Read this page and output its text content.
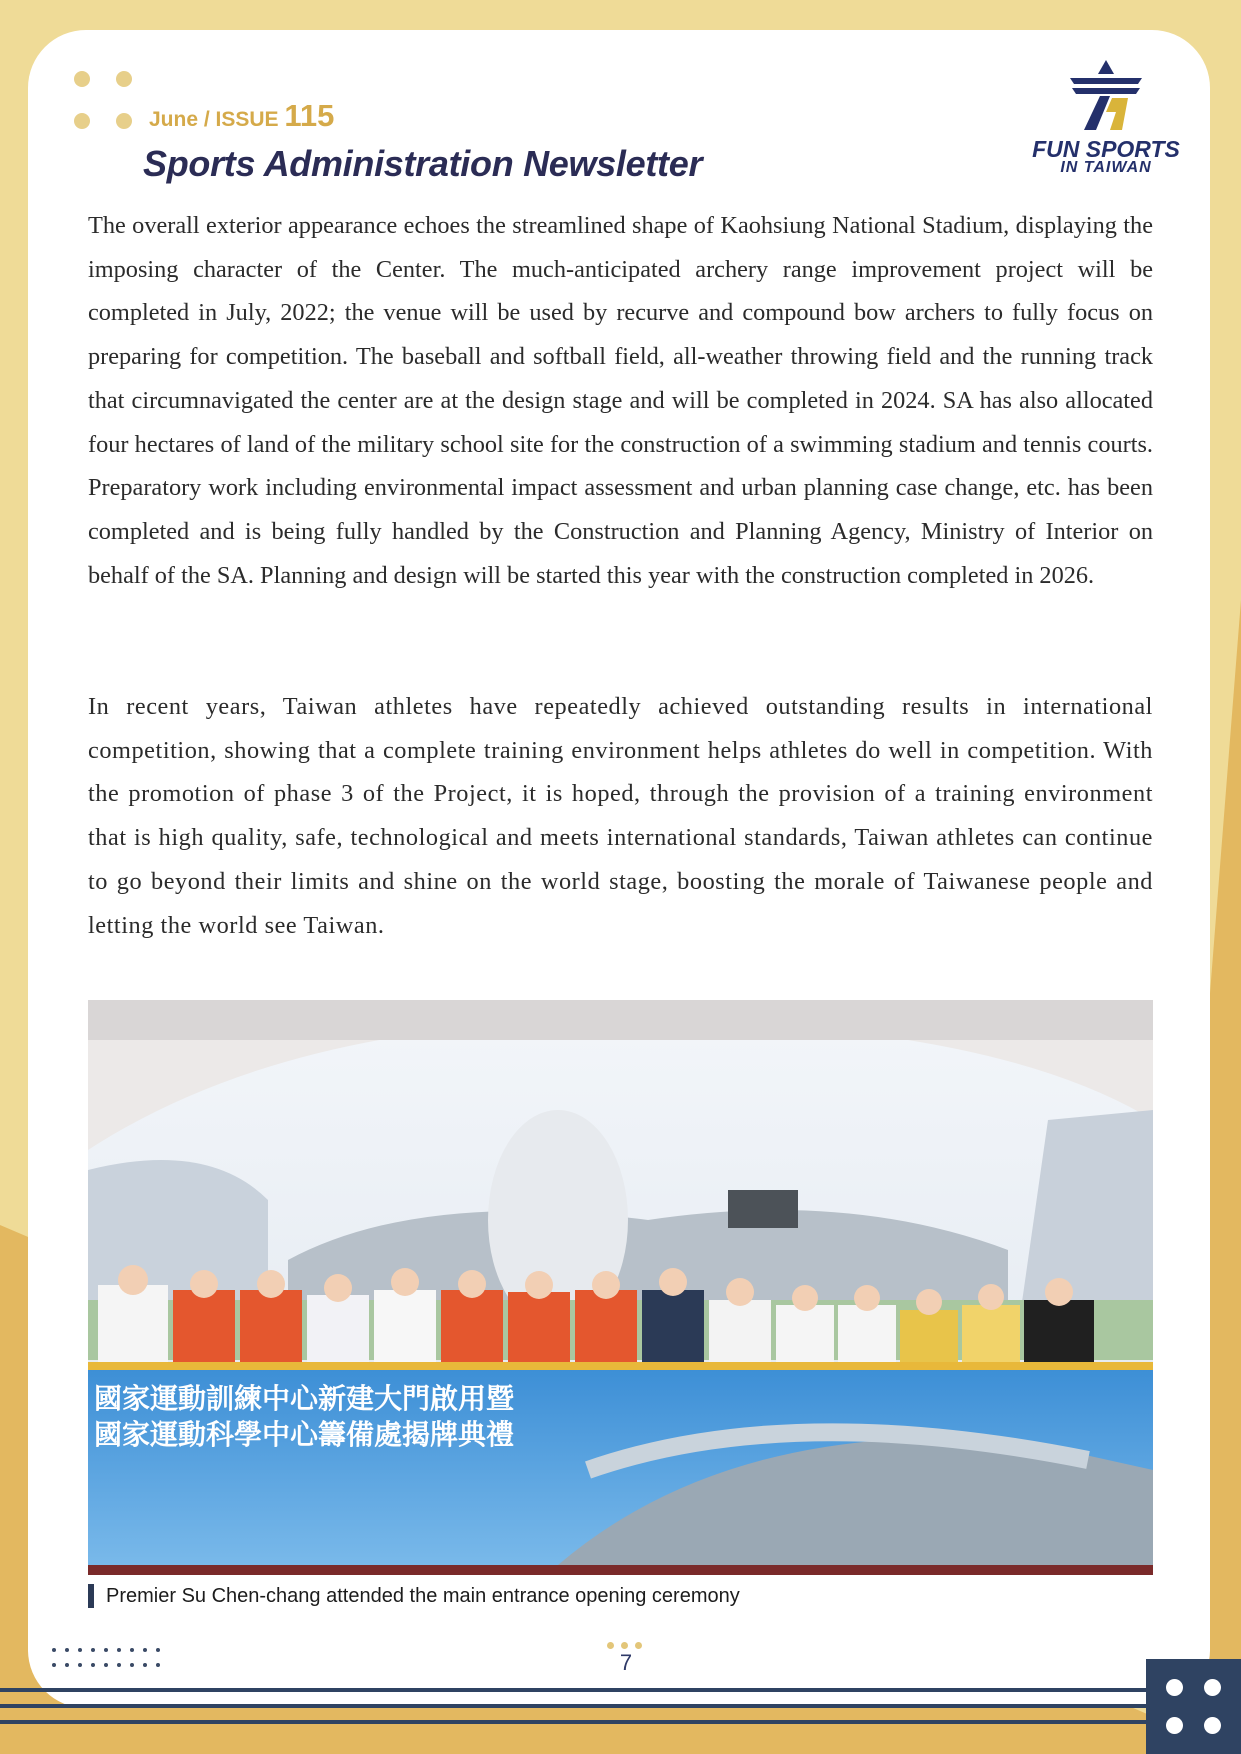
June / ISSUE 115
Sports Administration Newsletter	FUN SPORTS
IN TAIWAN
The overall exterior appearance echoes the streamlined shape of Kaohsiung National Stadium, displaying the imposing character of the Center. The much-anticipated archery range improvement project will be completed in July, 2022; the venue will be used by recurve and compound bow archers to fully focus on preparing for competition. The baseball and softball field, all-weather throwing field and the running track that circumnavigated the center are at the design stage and will be completed in 2024. SA has also allocated four hectares of land of the military school site for the construction of a swimming stadium and tennis courts. Preparatory work including environmental impact assessment and urban planning case change, etc. has been completed and is being fully handled by the Construction and Planning Agency, Ministry of Interior on behalf of the SA. Planning and design will be started this year with the construction completed in 2026.
In recent years, Taiwan athletes have repeatedly achieved outstanding results in international competition, showing that a complete training environment helps athletes do well in competition. With the promotion of phase 3 of the Project, it is hoped, through the provision of a training environment that is high quality, safe, technological and meets international standards, Taiwan athletes can continue to go beyond their limits and shine on the world stage, boosting the morale of Taiwanese people and letting the world see Taiwan.
國家運動訓練中心新建大門啟用暨
國家運動科學中心籌備處揭牌典禮
Premier Su Chen-chang attended the main entrance opening ceremony
7
